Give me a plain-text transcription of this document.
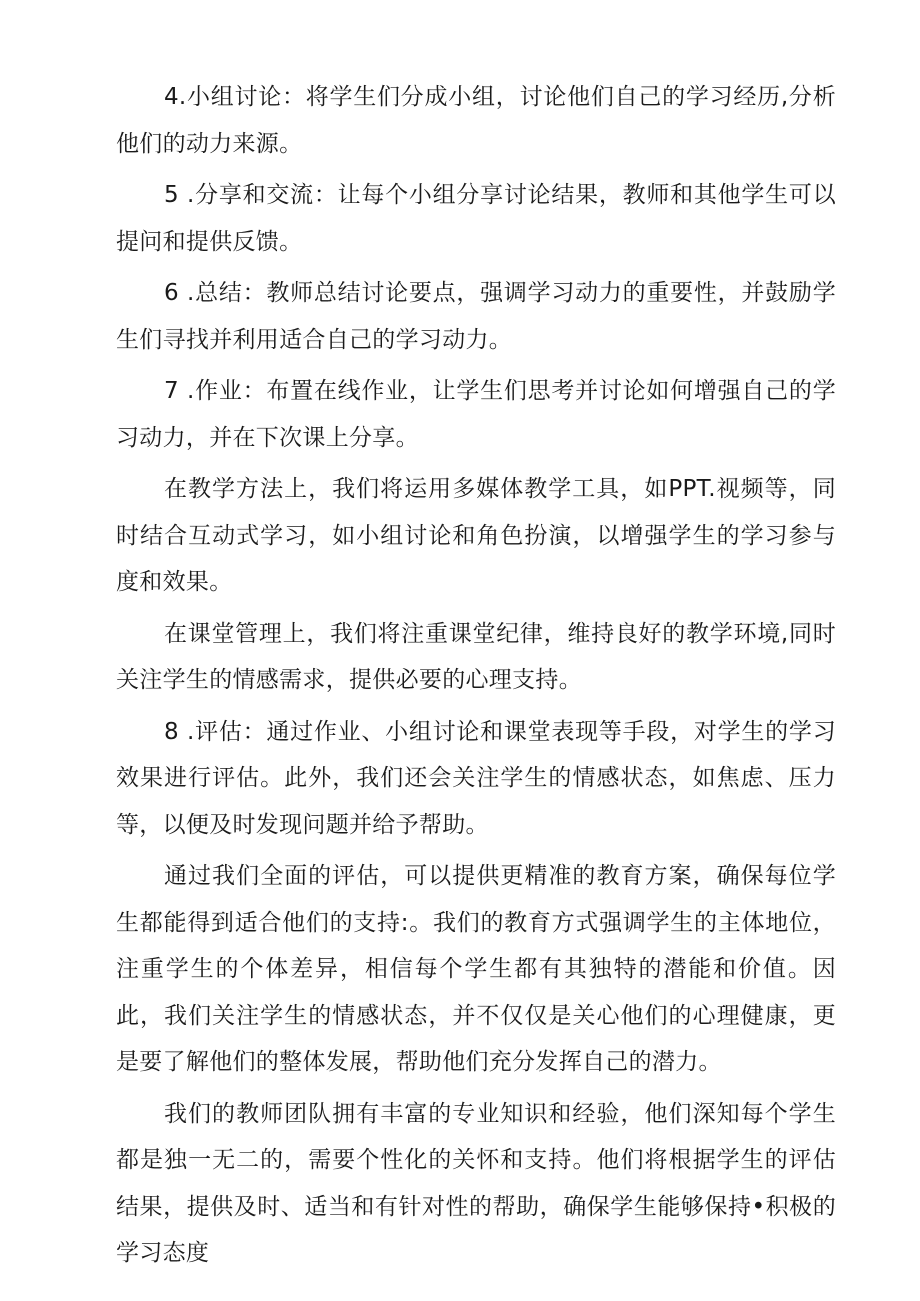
4.小组讨论：将学生们分成小组，讨论他们自己的学习经历,分析他们的动力来源。

5 .分享和交流：让每个小组分享讨论结果，教师和其他学生可以提问和提供反馈。

6 .总结：教师总结讨论要点，强调学习动力的重要性，并鼓励学生们寻找并利用适合自己的学习动力。

7 .作业：布置在线作业，让学生们思考并讨论如何增强自己的学习动力，并在下次课上分享。

在教学方法上，我们将运用多媒体教学工具，如PPT.视频等，同时结合互动式学习，如小组讨论和角色扮演，以增强学生的学习参与度和效果。

在课堂管理上，我们将注重课堂纪律，维持良好的教学环境,同时关注学生的情感需求，提供必要的心理支持。

8 .评估：通过作业、小组讨论和课堂表现等手段，对学生的学习效果进行评估。此外，我们还会关注学生的情感状态，如焦虑、压力等，以便及时发现问题并给予帮助。

通过我们全面的评估，可以提供更精准的教育方案，确保每位学生都能得到适合他们的支持:。我们的教育方式强调学生的主体地位，注重学生的个体差异，相信每个学生都有其独特的潜能和价值。因此，我们关注学生的情感状态，并不仅仅是关心他们的心理健康，更是要了解他们的整体发展，帮助他们充分发挥自己的潜力。

我们的教师团队拥有丰富的专业知识和经验，他们深知每个学生都是独一无二的，需要个性化的关怀和支持。他们将根据学生的评估结果，提供及时、适当和有针对性的帮助，确保学生能够保持•积极的学习态度
